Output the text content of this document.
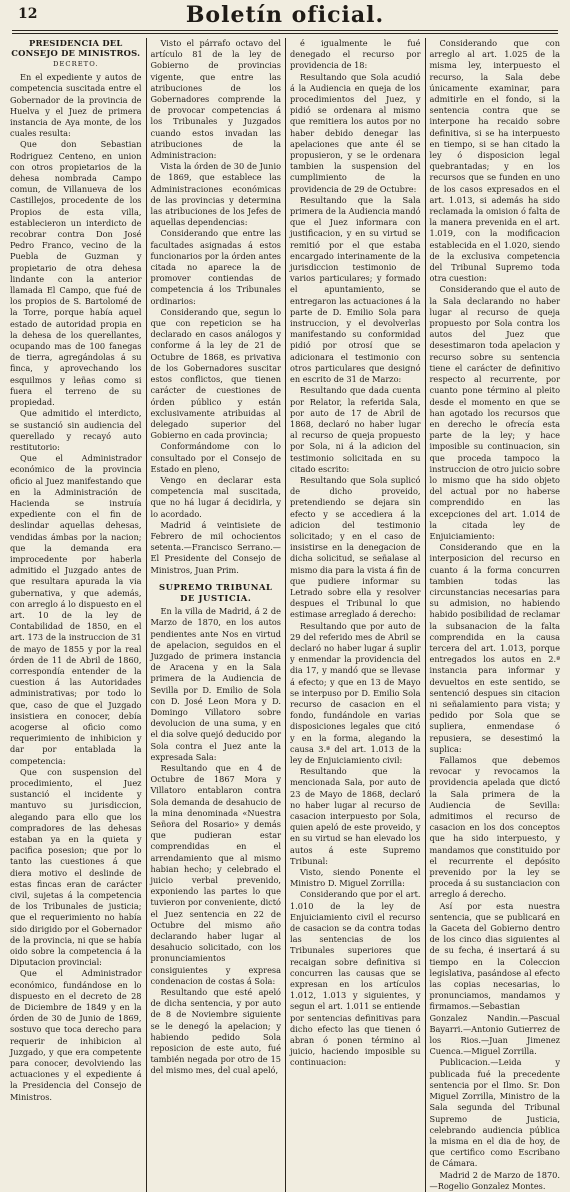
12	Boletín oficial.

PRESIDENCIA DEL CONSEJO DE MINISTROS.

DECRETO.

En el expediente y autos de competencia suscitada entre el Gobernador de la provincia de Huelva y el Juez de primera instancia de Aya monte, de los cuales resulta:

Que don Sebastian Rodriguez Centeno, en union con otros propietarios de la dehesa nombrada Campo comun, de Villanueva de los Castillejos, procedente de los Propios de esta villa, establecieron un interdicto de recobrar contra Don José Pedro Franco, vecino de la Puebla de Guzman y propietario de otra dehesa lindante con la anterior llamada El Campo, que fué de los propios de S. Bartolomé de la Torre, porque había aquel estado de autoridad propia en la dehesa de los querellantes, ocupando mas de 100 fanegas de tierra, agregándolas á su finca, y aprovechando los esquilmos y leñas como si fuera el terreno de su propiedad.

Que admitido el interdicto, se sustanció sin audiencia del querellado y recayó auto restitutorio:

Que el Administrador económico de la provincia oficio al Juez manifestando que en la Administración de Hacienda se instruía expediente con el fin de deslindar aquellas dehesas, vendidas ámbas por la nacion; que la demanda era improcedente por haberla admitido el Juzgado antes de que resultara apurada la via gubernativa, y que además, con arreglo á lo dispuesto en el art. 10 de la ley de Contabilidad de 1850, en el art. 173 de la instruccion de 31 de mayo de 1855 y por la real órden de 11 de Abril de 1860, correspondía entender de la cuestion á las Autoridades administrativas; por todo lo que, caso de que el Juzgado insistiera en conocer, debía acogerse al oficio como requerimiento de inhibicion y dar por entablada la competencia:

Que con suspension del procedimiento, el Juez sustanció el incidente y mantuvo su jurisdiccion, alegando para ello que los compradores de las dehesas estaban ya en la quieta y pacifica posesion; que por lo tanto las cuestiones á que diera motivo el deslinde de estas fincas eran de carácter civil, sujetas á la competencia de los Tribunales de justicia; que el requerimiento no había sido dirigido por el Gobernador de la provincia, ni que se había oido sobre la competencia á la Diputacion provincial:

Que el Administrador económico, fundándose en lo dispuesto en el decreto de 28 de Diciembre de 1849 y en la órden de 30 de Junio de 1869, sostuvo que toca derecho para requerir de inhibicion al Juzgado, y que era competente para conocer, devolviendo las actuaciones y el expediente á la Presidencia del Consejo de Ministros.

Visto el párrafo octavo del artículo 81 de la ley de Gobierno de provincias vigente, que entre las atribuciones de los Gobernadores comprende la de provocar competencias á los Tribunales y Juzgados cuando estos invadan las atribuciones de la Administracion:

Vista la órden de 30 de Junio de 1869, que establece las Administraciones económicas de las provincias y determina las atribuciones de los Jefes de aquellas dependencias:

Considerando que entre las facultades asignadas á estos funcionarios por la órden antes citada no aparece la de promover contiendas de competencia á los Tribunales ordinarios:

Considerando que, segun lo que con repeticion se ha declarado en casos análogos y conforme á la ley de 21 de Octubre de 1868, es privativa de los Gobernadores suscitar estos conflictos, que tienen carácter de cuestiones de órden público y están exclusivamente atribuidas al delegado superior del Gobierno en cada provincia;

Conformándome con lo consultado por el Consejo de Estado en pleno,

Vengo en declarar esta competencia mal suscitada, que no há lugar á decidirla, y lo acordado.

Madrid á veintisiete de Febrero de mil ochocientos setenta.—Francisco Serrano.—El Presidente del Consejo de Ministros, Juan Prim.

SUPREMO TRIBUNAL DE JUSTICIA.

En la villa de Madrid, á 2 de Marzo de 1870, en los autos pendientes ante Nos en virtud de apelacion, seguidos en el Juzgado de primera instancia de Aracena y en la Sala primera de la Audiencia de Sevilla por D. Emilio de Sola con D. José Leon Mora y D. Domingo Villatoro sobre devolucion de una suma, y en el dia solve quejó deducido por Sola contra el Juez ante la expresada Sala:

Resultando que en 4 de Octubre de 1867 Mora y Villatoro entablaron contra Sola demanda de desahucio de la mina denominada «Nuestra Señora del Rosario» y demás que pudieran estar comprendidas en el arrendamiento que al mismo habian hecho; y celebrado el juicio verbal prevenido, exponiendo las partes lo que tuvieron por conveniente, dictó el Juez sentencia en 22 de Octubre del mismo año declarando haber lugar al desahucio solicitado, con los pronunciamientos consiguientes y expresa condenacion de costas á Sola:

Resultando que esté apeló de dicha sentencia, y por auto de 8 de Noviembre siguiente se le denegó la apelacion; y habiendo pedido Sola reposicion de este auto, fué también negada por otro de 15 del mismo mes, del cual apeló,

é igualmente le fué denegado el recurso por providencia de 18:

Resultando que Sola acudió á la Audiencia en queja de los procedimientos del Juez, y pidió se ordenara al mismo que remitiera los autos por no haber debido denegar las apelaciones que ante él se propusieron, y se le ordenara tambien la suspension del cumplimiento de la providencia de 29 de Octubre:

Resultando que la Sala primera de la Audiencia mandó que el Juez informara con justificacion, y en su virtud se remitió por el que estaba encargado interinamente de la jurisdiccion testimonio de varios particulares; y formado el apuntamiento, se entregaron las actuaciones á la parte de D. Emilio Sola para instruccion, y el devolverlas manifestando su conformidad pidió por otrosí que se adicionara el testimonio con otros particulares que designó en escrito de 31 de Marzo:

Resultando que dada cuenta por Relator, la referida Sala, por auto de 17 de Abril de 1868, declaró no haber lugar al recurso de queja propuesto por Sola, ni á la adicion del testimonio solicitada en su citado escrito:

Resultando que Sola suplicó de dicho proveido, pretendiendo se dejara sin efecto y se accediera á la adicion del testimonio solicitado; y en el caso de insistirse en la denegacion de dicha solicitud, se señalase al mismo dia para la vista á fin de que pudiere informar su Letrado sobre ella y resolver despues el Tribunal lo que estimase arreglado á derecho:

Resultando que por auto de 29 del referido mes de Abril se declaró no haber lugar á suplir y enmendar la providencia del dia 17, y mandó que se llevase á efecto; y que en 13 de Mayo se interpuso por D. Emilio Sola recurso de casacion en el fondo, fundándole en varias disposiciones legales que citó y en la forma, alegando la causa 3.ª del art. 1.013 de la ley de Enjuiciamiento civil:

Resultando que la mencionada Sala, por auto de 23 de Mayo de 1868, declaró no haber lugar al recurso de casacion interpuesto por Sola, quien apeló de este proveido, y en su virtud se han elevado los autos á este Supremo Tribunal:

Visto, siendo Ponente el Ministro D. Miguel Zorrilla:

Considerando que por el art. 1.010 de la ley de Enjuiciamiento civil el recurso de casacion se da contra todas las sentencias de los Tribunales superiores que recaigan sobre definitiva si concurren las causas que se expresan en los artículos 1.012, 1.013 y siguientes, y segun el art. 1.011 se entiende por sentencias definitivas para dicho efecto las que tienen ó abran ó ponen término al juicio, haciendo imposible su continuacion:

Considerando que con arreglo al art. 1.025 de la misma ley, interpuesto el recurso, la Sala debe únicamente examinar, para admitirle en el fondo, si la sentencia contra que se interpone ha recaido sobre definitiva, si se ha interpuesto en tiempo, si se han citado la ley ó disposicion legal quebrantadas; y en los recursos que se funden en uno de los casos expresados en el art. 1.013, si además ha sido reclamada la omision ó falta de la manera prevenida en el art. 1.019, con la modificacion establecida en el 1.020, siendo de la exclusiva competencia del Tribunal Supremo toda otra cuestion:

Considerando que el auto de la Sala declarando no haber lugar al recurso de queja propuesto por Sola contra los autos del Juez que desestimaron toda apelacion y recurso sobre su sentencia tiene el carácter de definitivo respecto al recurrente, por cuanto pone término al pleito desde el momento en que se han agotado los recursos que en derecho le ofrecía esta parte de la ley; y hace imposible su continuacion, sin que proceda tampoco la instruccion de otro juicio sobre lo mismo que ha sido objeto del actual por no haberse comprendido en las excepciones del art. 1.014 de la citada ley de Enjuiciamiento:

Considerando que en la interposicion del recurso en cuanto á la forma concurren tambien todas las circunstancias necesarias para su admision, no habiendo habido posibilidad de reclamar la subsanacion de la falta comprendida en la causa tercera del art. 1.013, porque entregados los autos en 2.ª instancia para informar y devueltos en este sentido, se sentenció despues sin citacion ni señalamiento para vista; y pedido por Sola que se supliera, enmendase ó repusiera, se desestimó la suplica:

Fallamos que debemos revocar y revocamos la providencia apelada que dictó la Sala primera de la Audiencia de Sevilla: admitimos el recurso de casacion en los dos conceptos que ha sido interpuesto, y mandamos que constituido por el recurrente el depósito prevenido por la ley se proceda á su sustanciacion con arreglo á derecho.

Así por esta nuestra sentencia, que se publicará en la Gaceta del Gobierno dentro de los cinco dias siguientes al de su fecha, é insertará á su tiempo en la Coleccion legislativa, pasándose al efecto las copias necesarias, lo pronunciamos, mandamos y firmamos.—Sebastian Gonzalez Nandin.—Pascual Bayarri.—Antonio Gutierrez de los Rios.—Juan Jimenez Cuenca.—Miguel Zorrilla.

Publicacion.—Leida y publicada fué la precedente sentencia por el Ilmo. Sr. Don Miguel Zorrilla, Ministro de la Sala segunda del Tribunal Supremo de Justicia, celebrando audiencia pública la misma en el dia de hoy, de que certifico como Escribano de Cámara.

Madrid 2 de Marzo de 1870.—Rogelio Gonzalez Montes.
